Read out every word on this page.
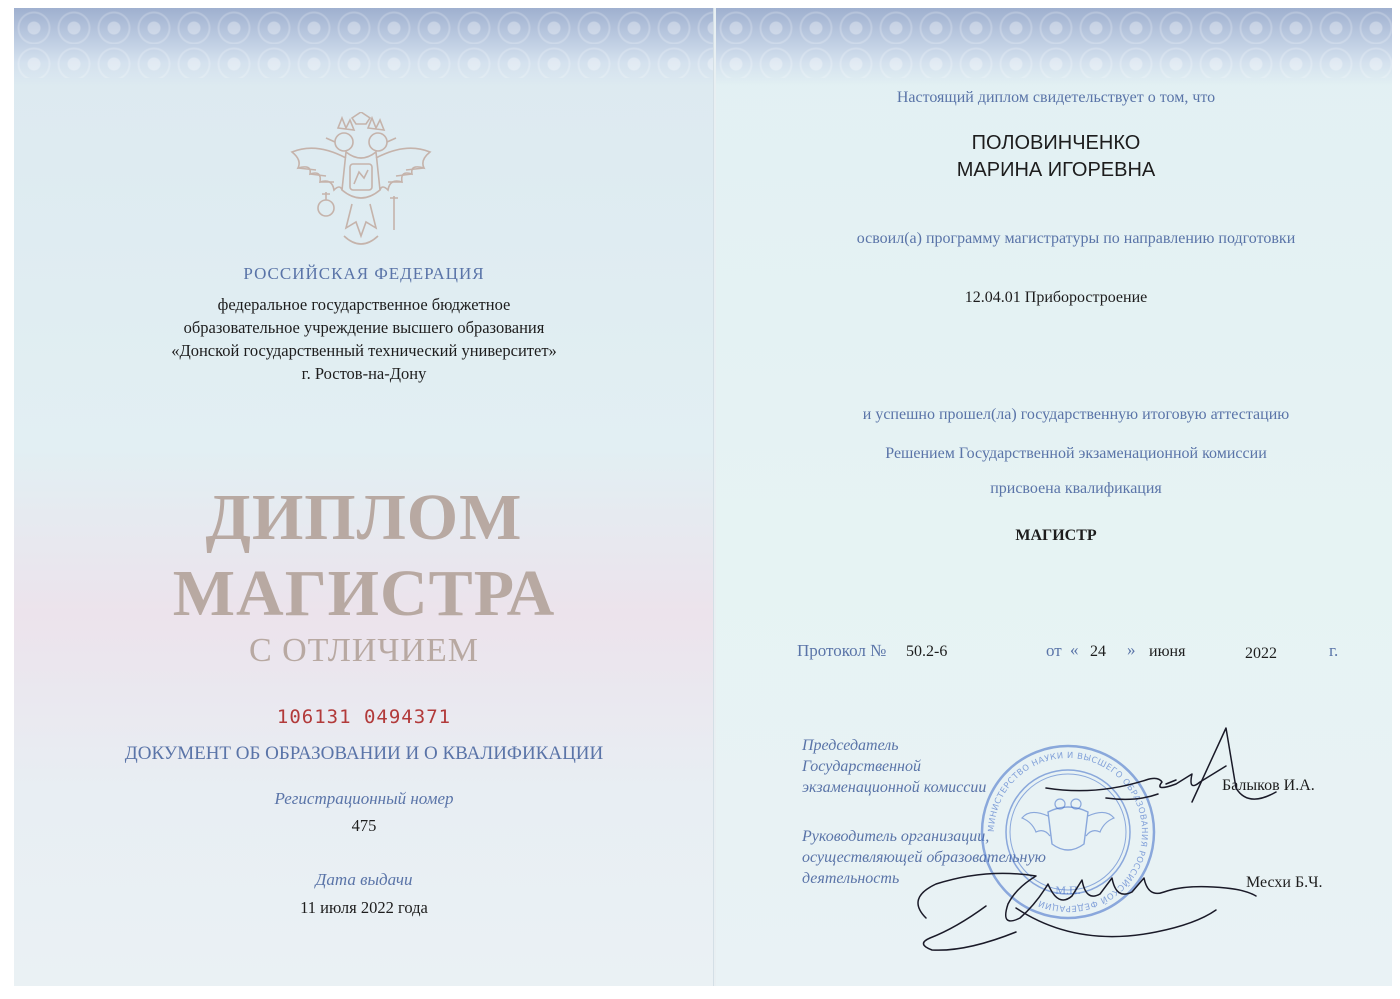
РОССИЙСКАЯ ФЕДЕРАЦИЯ
федеральное государственное бюджетное
образовательное учреждение высшего образования
«Донской государственный технический университет»
г. Ростов-на-Дону
ДИПЛОМ
МАГИСТРА
С ОТЛИЧИЕМ
106131 0494371
ДОКУМЕНТ ОБ ОБРАЗОВАНИИ И О КВАЛИФИКАЦИИ
Регистрационный номер
475
Дата выдачи
11 июля 2022 года
Настоящий диплом свидетельствует о том, что
ПОЛОВИНЧЕНКО
МАРИНА ИГОРЕВНА
освоил(а) программу магистратуры по направлению подготовки
12.04.01 Приборостроение
и успешно прошел(ла) государственную итоговую аттестацию
Решением Государственной экзаменационной комиссии
присвоена квалификация
МАГИСТР
Протокол № 50.2-6	от « 24 » июня	2022	г.
Председатель
Государственной
экзаменационной комиссии	Балыков И.А.
Руководитель организации,
осуществляющей образовательную
деятельность	Месхи Б.Ч.
МИНИСТЕРСТВО НАУКИ И ВЫСШЕГО ОБРАЗОВАНИЯ РОССИЙСКОЙ ФЕДЕРАЦИИ
М.П.
